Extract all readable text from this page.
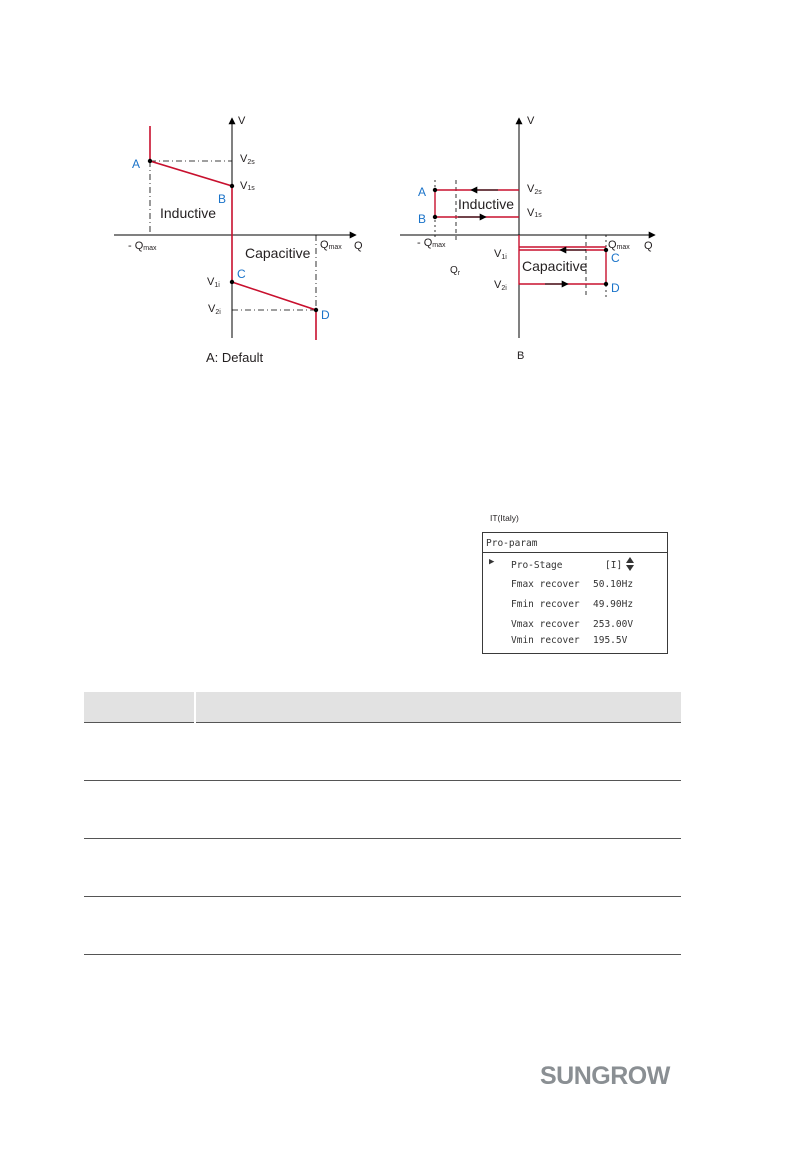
V
Q
- Qmax	Qmax
V2s
V1s
V1i
V2i
A
B
C
D
Inductive
Capacitive
A: Default
V
Q
- Qmax	Qmax
$Q_r$
V2s
V1s
V1i
V2i
A
B
C
D
Inductive
Capacitive
B
IT(Italy)
Pro-param
▶ Pro-Stage	[I]
Fmax recover 50.10Hz
Fmin recover 49.90Hz
Vmax recover 253.00V
Vmin recover 195.5V

SUNGROW
